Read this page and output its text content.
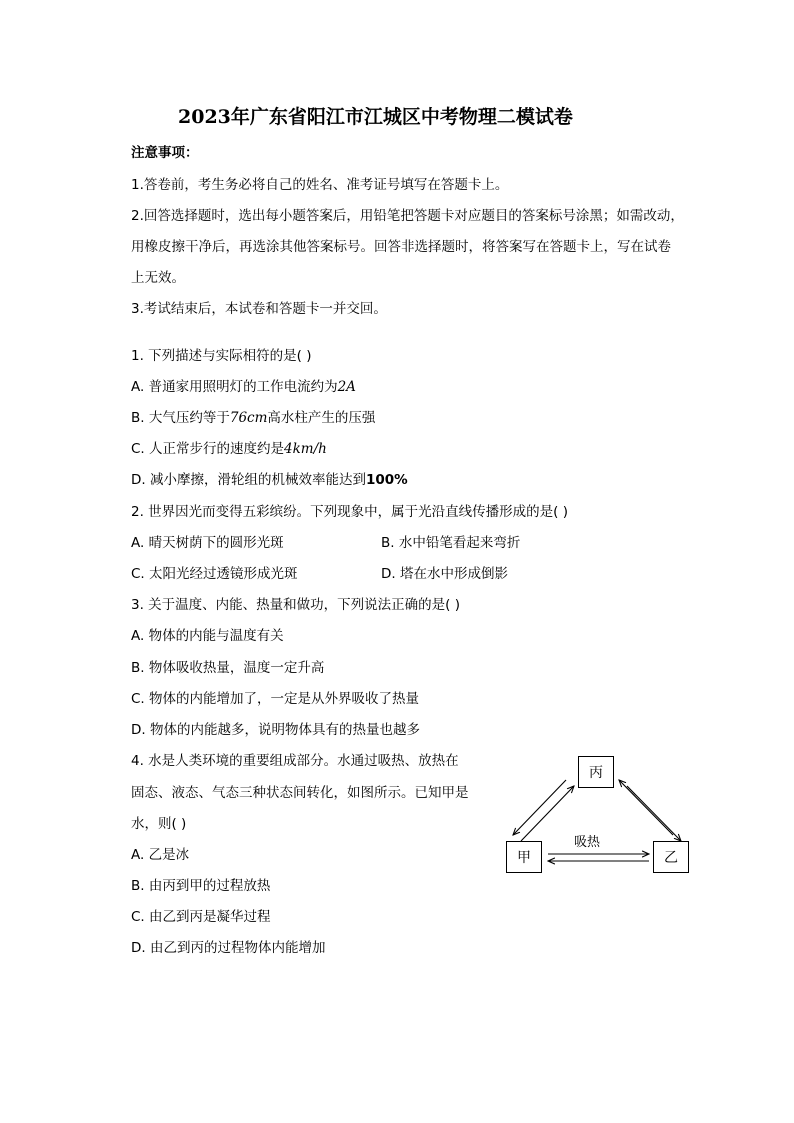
2023年广东省阳江市江城区中考物理二模试卷
注意事项：
1.答卷前，考生务必将自己的姓名、准考证号填写在答题卡上。
2.回答选择题时，选出每小题答案后，用铅笔把答题卡对应题目的答案标号涂黑；如需改动，
用橡皮擦干净后，再选涂其他答案标号。回答非选择题时，将答案写在答题卡上，写在试卷
上无效。
3.考试结束后，本试卷和答题卡一并交回。
1. 下列描述与实际相符的是( )
A. 普通家用照明灯的工作电流约为2A
B. 大气压约等于76cm高水柱产生的压强
C. 人正常步行的速度约是4km/h
D. 减小摩擦，滑轮组的机械效率能达到100%
2. 世界因光而变得五彩缤纷。下列现象中，属于光沿直线传播形成的是( )
A. 晴天树荫下的圆形光斑	B. 水中铅笔看起来弯折
C. 太阳光经过透镜形成光斑	D. 塔在水中形成倒影
3. 关于温度、内能、热量和做功，下列说法正确的是( )
A. 物体的内能与温度有关
B. 物体吸收热量，温度一定升高
C. 物体的内能增加了，一定是从外界吸收了热量
D. 物体的内能越多，说明物体具有的热量也越多
4. 水是人类环境的重要组成部分。水通过吸热、放热在
固态、液态、气态三种状态间转化，如图所示。已知甲是
水，则( )
A. 乙是冰
B. 由丙到甲的过程放热
C. 由乙到丙是凝华过程
D. 由乙到丙的过程物体内能增加
丙
甲	乙
吸热
